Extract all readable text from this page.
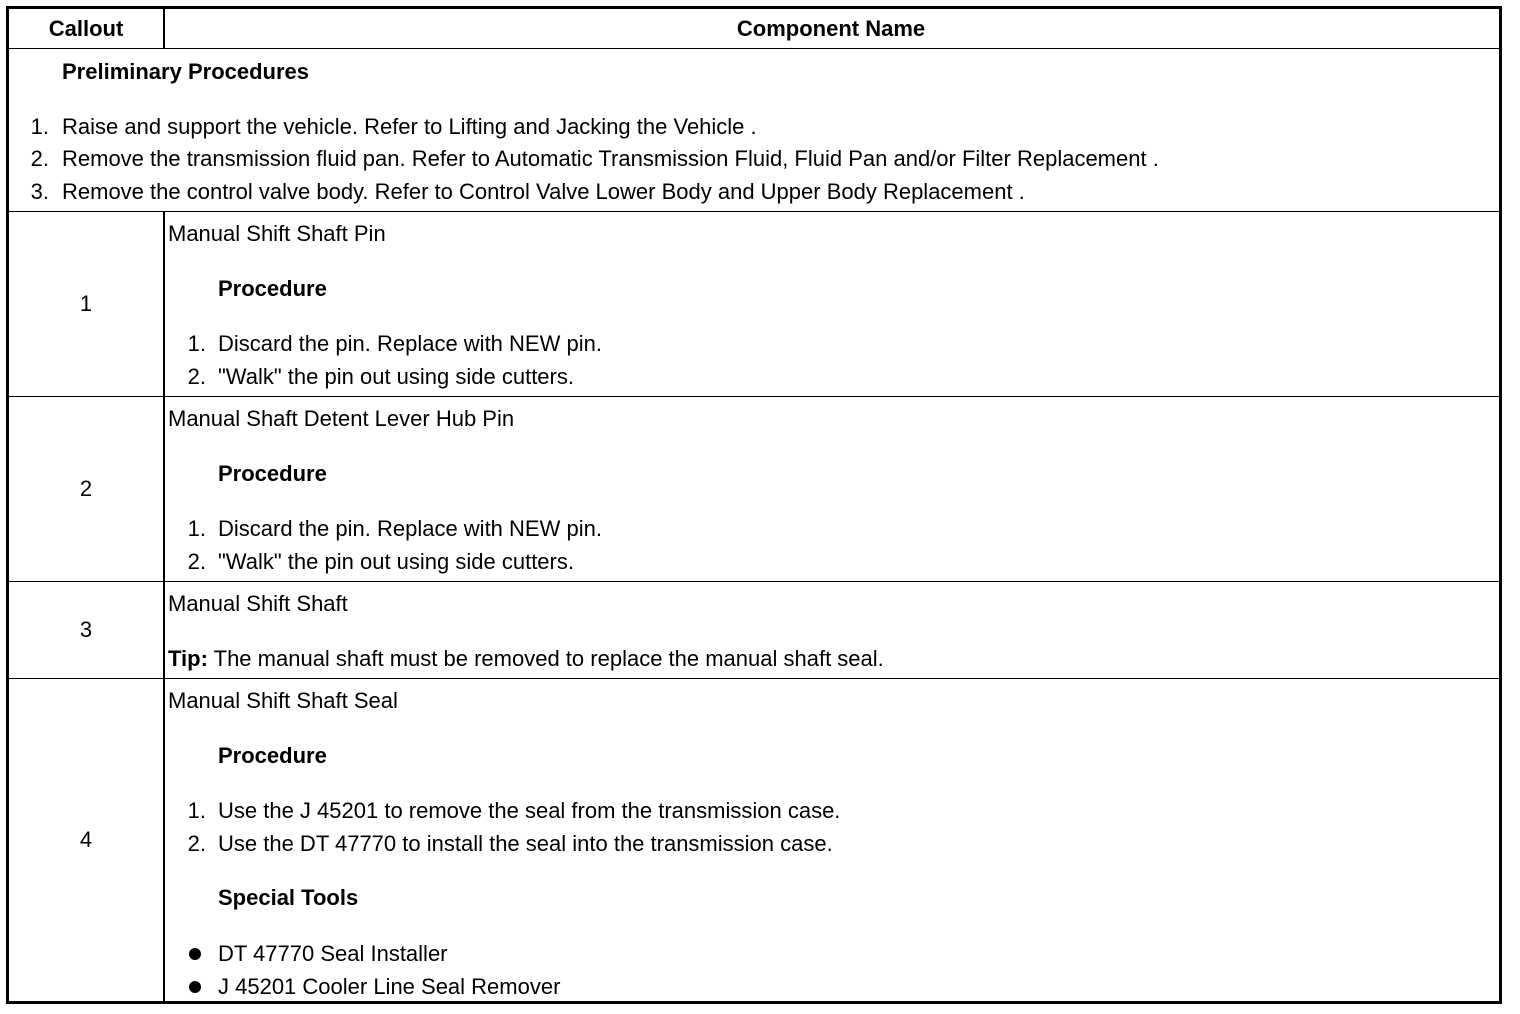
Callout	Component Name
Preliminary Procedures
1. Raise and support the vehicle. Refer to Lifting and Jacking the Vehicle .
2. Remove the transmission fluid pan. Refer to Automatic Transmission Fluid, Fluid Pan and/or Filter Replacement .
3. Remove the control valve body. Refer to Control Valve Lower Body and Upper Body Replacement .
1
Manual Shift Shaft Pin
Procedure
1. Discard the pin. Replace with NEW pin.
2. "Walk" the pin out using side cutters.
2
Manual Shaft Detent Lever Hub Pin
Procedure
1. Discard the pin. Replace with NEW pin.
2. "Walk" the pin out using side cutters.
3
Manual Shift Shaft
Tip: The manual shaft must be removed to replace the manual shaft seal.
4
Manual Shift Shaft Seal
Procedure
1. Use the J 45201 to remove the seal from the transmission case.
2. Use the DT 47770 to install the seal into the transmission case.
Special Tools
DT 47770 Seal Installer
J 45201 Cooler Line Seal Remover
